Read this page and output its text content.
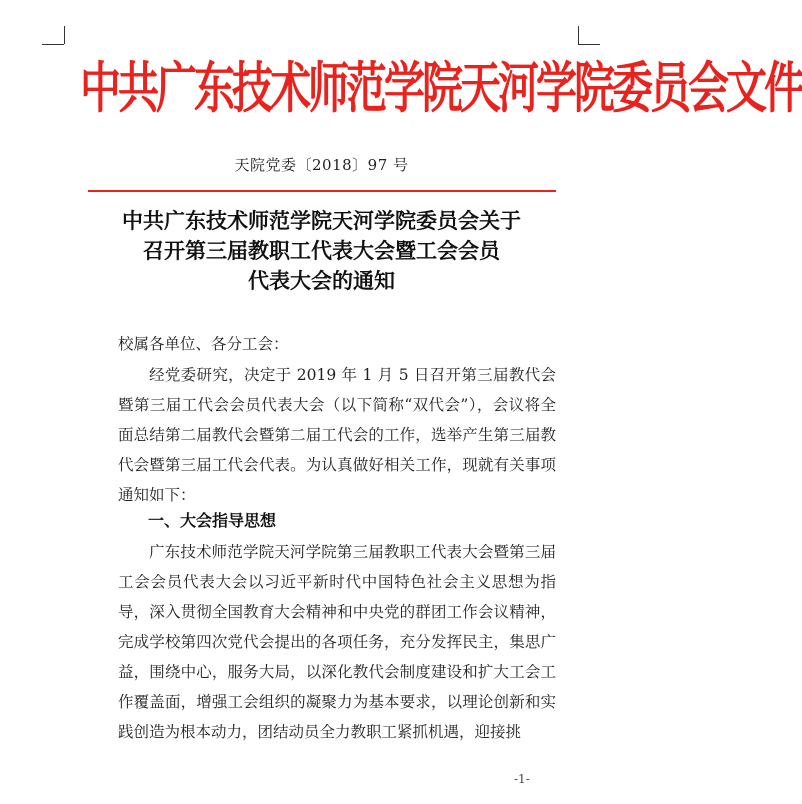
中共广东技术师范学院天河学院委员会文件
天院党委〔2018〕97 号
中共广东技术师范学院天河学院委员会关于
召开第三届教职工代表大会暨工会会员
代表大会的通知
校属各单位、各分工会：
经党委研究，决定于 2019 年 1 月 5 日召开第三届教代会暨第三届工代会会员代表大会（以下简称“双代会”），会议将全面总结第二届教代会暨第二届工代会的工作，选举产生第三届教代会暨第三届工代会代表。为认真做好相关工作，现就有关事项通知如下：
一、大会指导思想
广东技术师范学院天河学院第三届教职工代表大会暨第三届工会会员代表大会以习近平新时代中国特色社会主义思想为指导，深入贯彻全国教育大会精神和中央党的群团工作会议精神，完成学校第四次党代会提出的各项任务，充分发挥民主，集思广益，围绕中心，服务大局，以深化教代会制度建设和扩大工会工作覆盖面，增强工会组织的凝聚力为基本要求，以理论创新和实践创造为根本动力，团结动员全力教职工紧抓机遇，迎接挑
-1-
